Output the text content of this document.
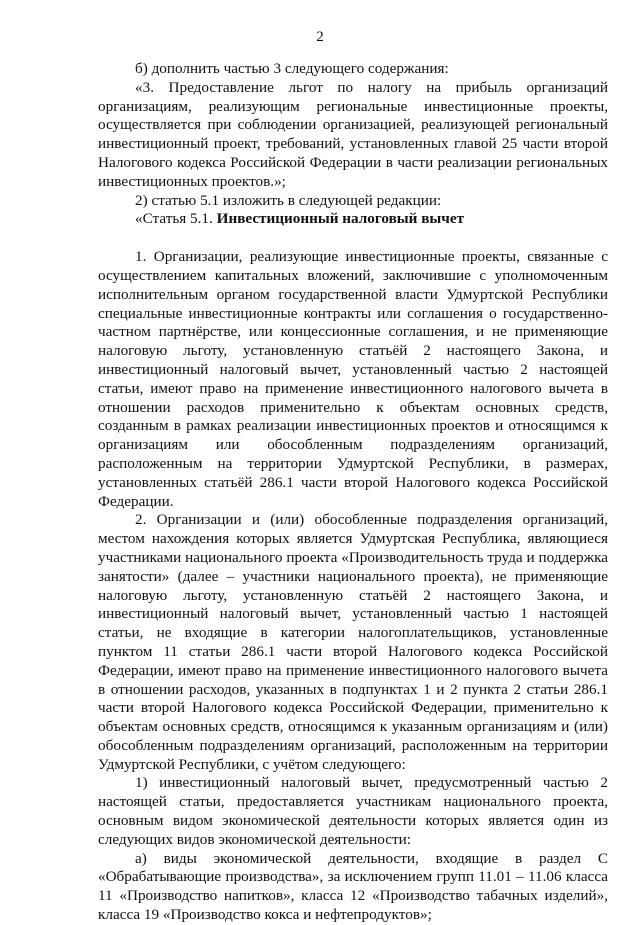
2

б) дополнить частью 3 следующего содержания:

«3. Предоставление льгот по налогу на прибыль организаций организациям, реализующим региональные инвестиционные проекты, осуществляется при соблюдении организацией, реализующей региональный инвестиционный проект, требований, установленных главой 25 части второй Налогового кодекса Российской Федерации в части реализации региональных инвестиционных проектов.»;

2) статью 5.1 изложить в следующей редакции:

«Статья 5.1. Инвестиционный налоговый вычет

1. Организации, реализующие инвестиционные проекты, связанные с осуществлением капитальных вложений, заключившие с уполномоченным исполнительным органом государственной власти Удмуртской Республики специальные инвестиционные контракты или соглашения о государственно-частном партнёрстве, или концессионные соглашения, и не применяющие налоговую льготу, установленную статьёй 2 настоящего Закона, и инвестиционный налоговый вычет, установленный частью 2 настоящей статьи, имеют право на применение инвестиционного налогового вычета в отношении расходов применительно к объектам основных средств, созданным в рамках реализации инвестиционных проектов и относящимся к организациям или обособленным подразделениям организаций, расположенным на территории Удмуртской Республики, в размерах, установленных статьёй 286.1 части второй Налогового кодекса Российской Федерации.

2. Организации и (или) обособленные подразделения организаций, местом нахождения которых является Удмуртская Республика, являющиеся участниками национального проекта «Производительность труда и поддержка занятости» (далее – участники национального проекта), не применяющие налоговую льготу, установленную статьёй 2 настоящего Закона, и инвестиционный налоговый вычет, установленный частью 1 настоящей статьи, не входящие в категории налогоплательщиков, установленные пунктом 11 статьи 286.1 части второй Налогового кодекса Российской Федерации, имеют право на применение инвестиционного налогового вычета в отношении расходов, указанных в подпунктах 1 и 2 пункта 2 статьи 286.1 части второй Налогового кодекса Российской Федерации, применительно к объектам основных средств, относящимся к указанным организациям и (или) обособленным подразделениям организаций, расположенным на территории Удмуртской Республики, с учётом следующего:

1) инвестиционный налоговый вычет, предусмотренный частью 2 настоящей статьи, предоставляется участникам национального проекта, основным видом экономической деятельности которых является один из следующих видов экономической деятельности:

а) виды экономической деятельности, входящие в раздел С «Обрабатывающие производства», за исключением групп 11.01 – 11.06 класса 11 «Производство напитков», класса 12 «Производство табачных изделий», класса 19 «Производство кокса и нефтепродуктов»;
